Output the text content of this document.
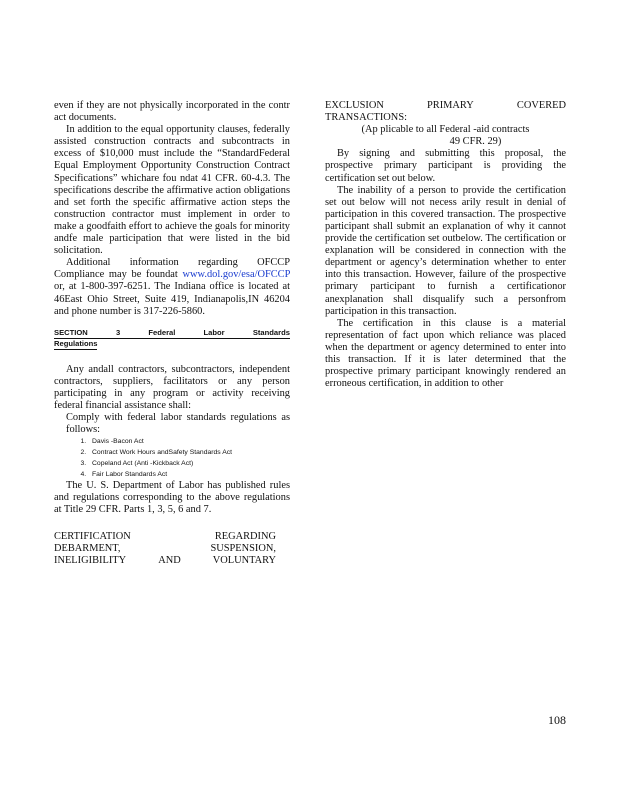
even if they are not physically incorporated in the contr act documents.

In addition to the equal opportunity clauses, federally assisted construction contracts and subcontracts in excess of $10,000 must include the “StandardFederal Equal Employment Opportunity Construction Contract Specifications” whichare fou ndat 41 CFR. 60-4.3. The specifications describe the affirmative action obligations and set forth the specific affirmative action steps the construction contractor must implement in order to make a goodfaith effort to achieve the goals for minority andfe male participation that were listed in the bid solicitation.

Additional information regarding OFCCP Compliance may be foundat www.dol.gov/esa/OFCCP or, at 1-800-397-6251. The Indiana office is located at 46East Ohio Street, Suite 419, Indianapolis,IN 46204 and phone number is 317-226-5860.

SECTION	3	Federal	Labor	Standards
Regulations

Any andall contractors, subcontractors, independent contractors, suppliers, facilitators or any person participating in any program or activity receiving federal financial assistance shall:

Comply with federal labor standards regulations as follows:

1. Davis -Bacon Act
2. Contract Work Hours andSafety Standards Act
3. Copeland Act (Anti -Kickback Act)
4. Fair Labor Standards Act

The U. S. Department of Labor has published rules and regulations corresponding to the above regulations at Title 29 CFR. Parts 1, 3, 5, 6 and 7.

CERTIFICATION	REGARDING
DEBARMENT,	SUSPENSION,
INELIGIBILITY	AND	VOLUNTARY
EXCLUSION	PRIMARY	COVERED
TRANSACTIONS:
(Ap plicable to all Federal -aid contracts
49 CFR. 29)

By signing and submitting this proposal, the prospective primary participant is providing the certification set out below.

The inability of a person to provide the certification set out below will not necess arily result in denial of participation in this covered transaction. The prospective participant shall submit an explanation of why it cannot provide the certification set outbelow. The certification or explanation will be considered in connection with the department or agency’s determination whether to enter into this transaction. However, failure of the prospective primary participant to furnish a certificationor anexplanation shall disqualify such a personfrom participation in this transaction.

The certification in this clause is a material representation of fact upon which reliance was placed when the department or agency determined to enter into this transaction. If it is later determined that the prospective primary participant knowingly rendered an erroneous certification, in addition to other

108
